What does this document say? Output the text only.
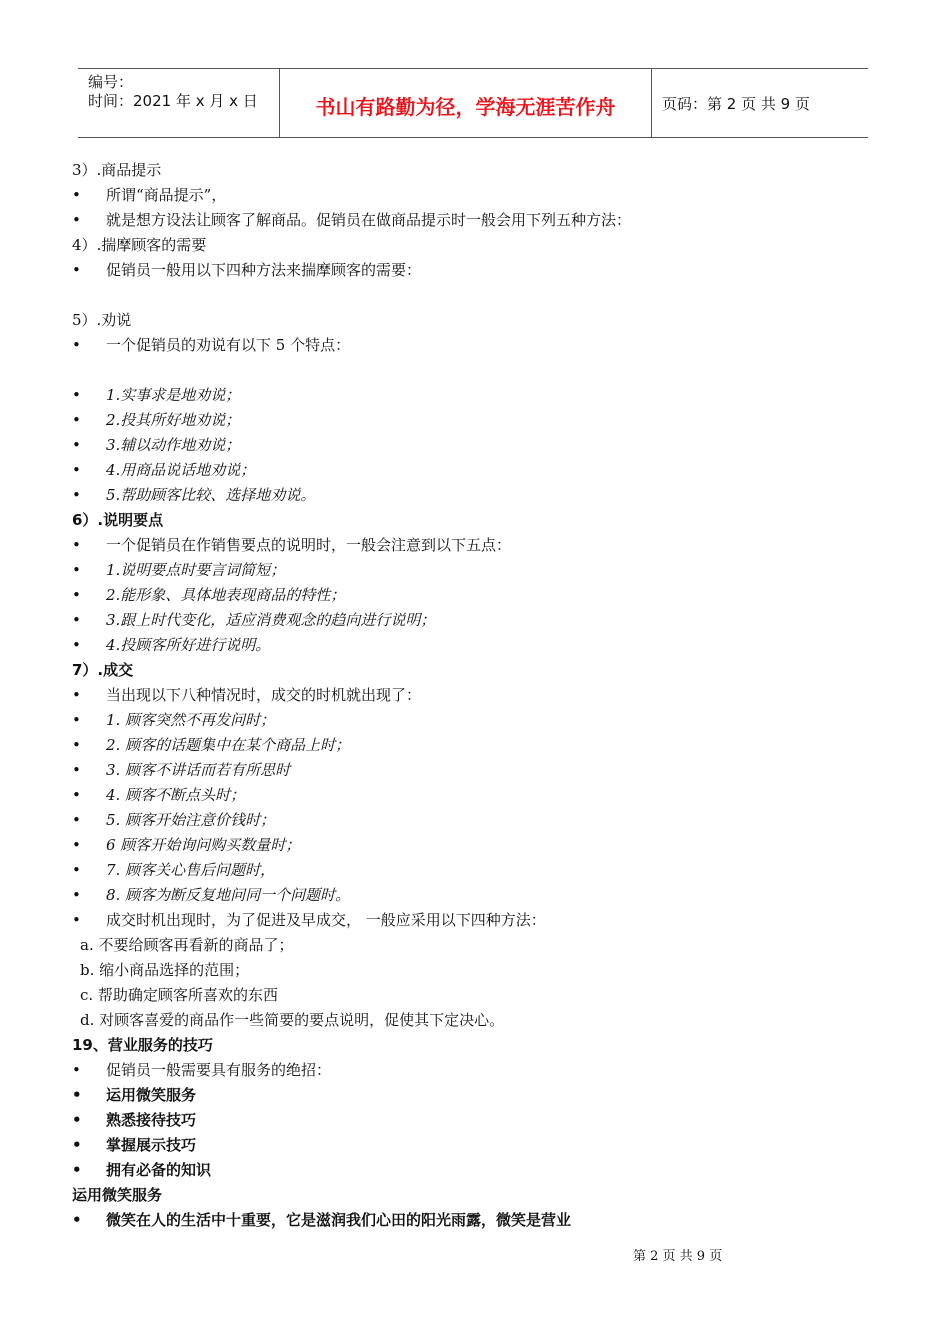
编号：
时间：2021 年 x 月 x 日	书山有路勤为径，学海无涯苦作舟	页码：第 2 页 共 9 页
3）.商品提示
• 所谓“商品提示”，
• 就是想方设法让顾客了解商品。促销员在做商品提示时一般会用下列五种方法：
4）.揣摩顾客的需要
• 促销员一般用以下四种方法来揣摩顾客的需要：
5）.劝说
• 一个促销员的劝说有以下 5 个特点：
• 1.实事求是地劝说；
• 2.投其所好地劝说；
• 3.辅以动作地劝说；
• 4.用商品说话地劝说；
• 5.帮助顾客比较、选择地劝说。
6）.说明要点
• 一个促销员在作销售要点的说明时，一般会注意到以下五点：
• 1.说明要点时要言词简短；
• 2.能形象、具体地表现商品的特性；
• 3.跟上时代变化，适应消费观念的趋向进行说明；
• 4.投顾客所好进行说明。
7）.成交
• 当出现以下八种情况时，成交的时机就出现了：
• 1. 顾客突然不再发问时；
• 2. 顾客的话题集中在某个商品上时；
• 3. 顾客不讲话而若有所思时
• 4. 顾客不断点头时；
• 5. 顾客开始注意价钱时；
• 6 顾客开始询问购买数量时；
• 7. 顾客关心售后问题时，
• 8. 顾客为断反复地问同一个问题时。
• 成交时机出现时，为了促进及早成交， 一般应采用以下四种方法：
a. 不要给顾客再看新的商品了；
b. 缩小商品选择的范围；
c. 帮助确定顾客所喜欢的东西
d. 对顾客喜爱的商品作一些简要的要点说明，促使其下定决心。
19、营业服务的技巧
• 促销员一般需要具有服务的绝招：
• 运用微笑服务
• 熟悉接待技巧
• 掌握展示技巧
• 拥有必备的知识
运用微笑服务
• 微笑在人的生活中十重要，它是滋润我们心田的阳光雨露，微笑是营业
第 2 页 共 9 页
